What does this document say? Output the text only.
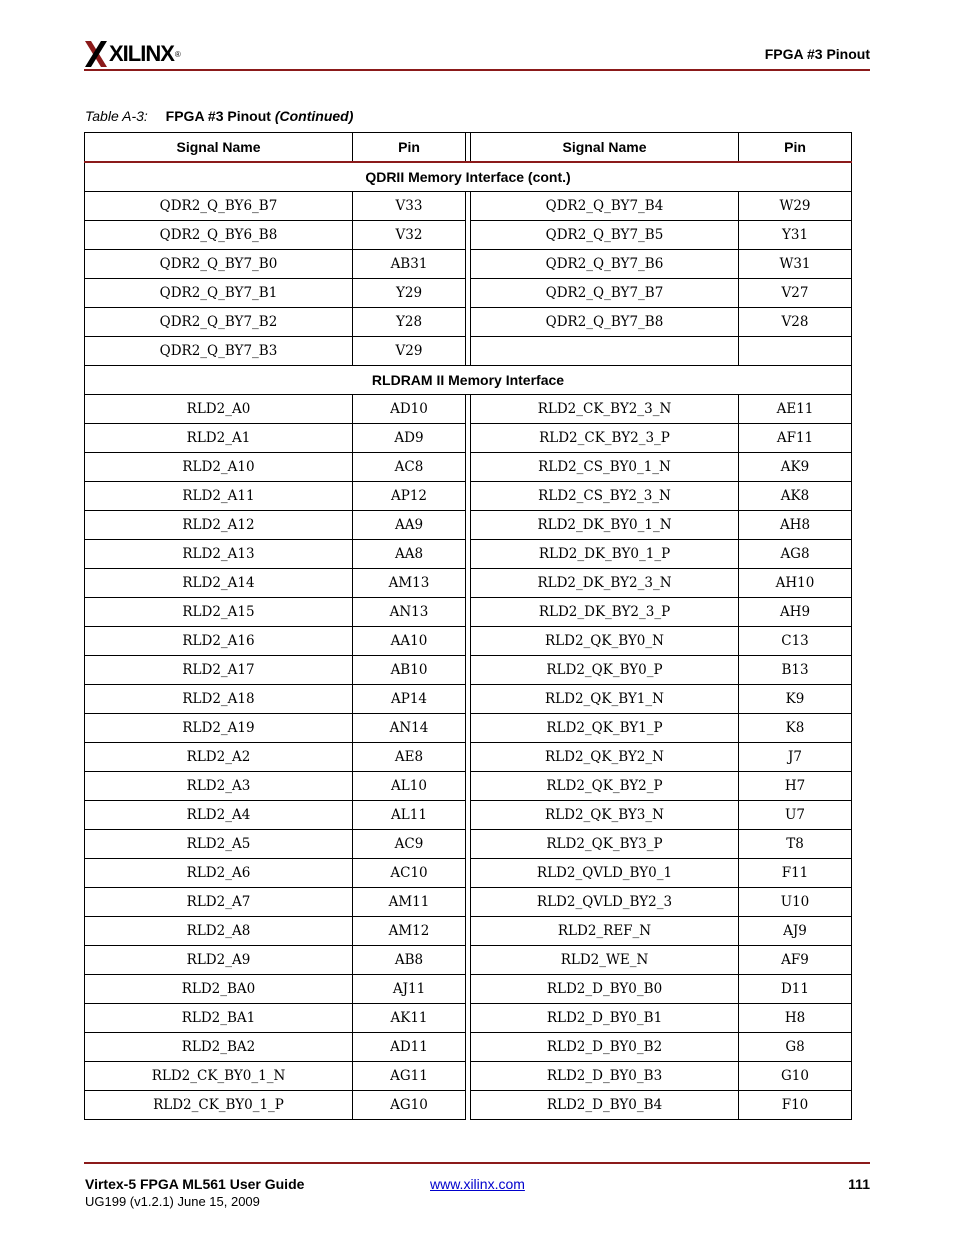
XILINX ®	FPGA #3 Pinout
Table A-3: FPGA #3 Pinout (Continued)
Signal Name	Pin		Signal Name	Pin
QDRII Memory Interface (cont.)				
QDR2_Q_BY6_B7	V33		QDR2_Q_BY7_B4	W29
QDR2_Q_BY6_B8	V32		QDR2_Q_BY7_B5	Y31
QDR2_Q_BY7_B0	AB31		QDR2_Q_BY7_B6	W31
QDR2_Q_BY7_B1	Y29		QDR2_Q_BY7_B7	V27
QDR2_Q_BY7_B2	Y28		QDR2_Q_BY7_B8	V28
QDR2_Q_BY7_B3	V29			
RLDRAM II Memory Interface				
RLD2_A0	AD10		RLD2_CK_BY2_3_N	AE11
RLD2_A1	AD9		RLD2_CK_BY2_3_P	AF11
RLD2_A10	AC8		RLD2_CS_BY0_1_N	AK9
RLD2_A11	AP12		RLD2_CS_BY2_3_N	AK8
RLD2_A12	AA9		RLD2_DK_BY0_1_N	AH8
RLD2_A13	AA8		RLD2_DK_BY0_1_P	AG8
RLD2_A14	AM13		RLD2_DK_BY2_3_N	AH10
RLD2_A15	AN13		RLD2_DK_BY2_3_P	AH9
RLD2_A16	AA10		RLD2_QK_BY0_N	C13
RLD2_A17	AB10		RLD2_QK_BY0_P	B13
RLD2_A18	AP14		RLD2_QK_BY1_N	K9
RLD2_A19	AN14		RLD2_QK_BY1_P	K8
RLD2_A2	AE8		RLD2_QK_BY2_N	J7
RLD2_A3	AL10		RLD2_QK_BY2_P	H7
RLD2_A4	AL11		RLD2_QK_BY3_N	U7
RLD2_A5	AC9		RLD2_QK_BY3_P	T8
RLD2_A6	AC10		RLD2_QVLD_BY0_1	F11
RLD2_A7	AM11		RLD2_QVLD_BY2_3	U10
RLD2_A8	AM12		RLD2_REF_N	AJ9
RLD2_A9	AB8		RLD2_WE_N	AF9
RLD2_BA0	AJ11		RLD2_D_BY0_B0	D11
RLD2_BA1	AK11		RLD2_D_BY0_B1	H8
RLD2_BA2	AD11		RLD2_D_BY0_B2	G8
RLD2_CK_BY0_1_N	AG11		RLD2_D_BY0_B3	G10
RLD2_CK_BY0_1_P	AG10		RLD2_D_BY0_B4	F10
Virtex-5 FPGA ML561 User Guide
UG199 (v1.2.1) June 15, 2009
www.xilinx.com	111
